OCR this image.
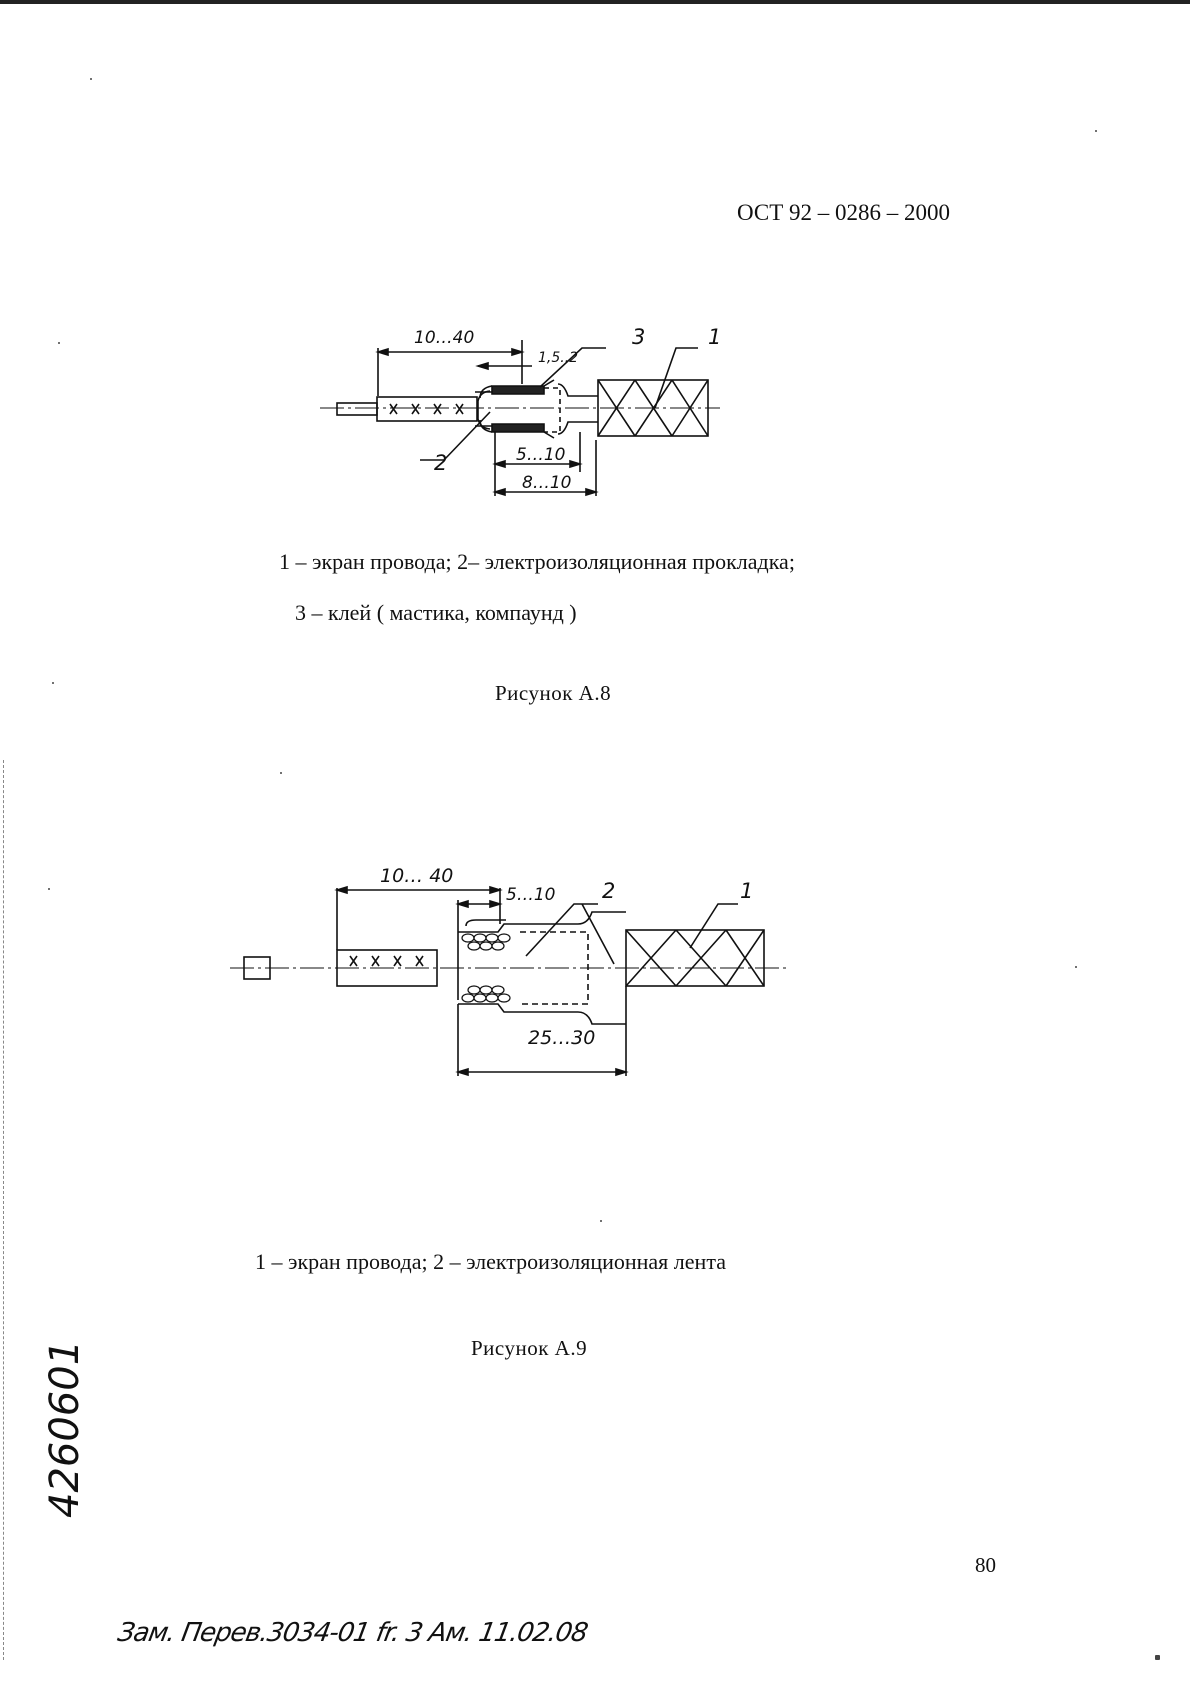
ОСТ 92 – 0286 – 2000
10…40
1,5..2
5…10
8…10
3	1
2
1 – экран провода; 2– электроизоляционная прокладка;
3 – клей ( мастика, компаунд )
Рисунок А.8
10… 40
5…10
25…30
2	1
1 – экран провода; 2 – электроизоляционная лента
Рисунок А.9
80
4260601
Зам. Перев.3034-01 fr. 3 Ам. 11.02.08
